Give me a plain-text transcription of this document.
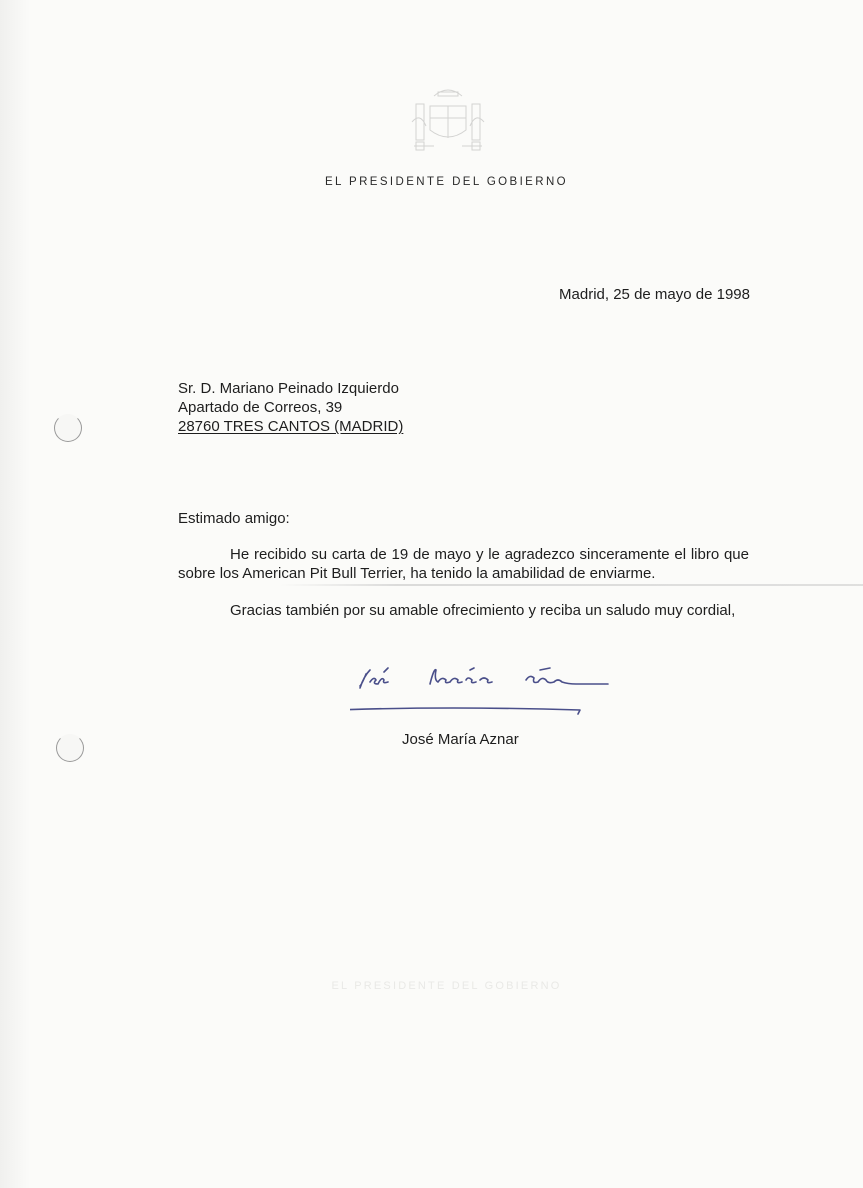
EL PRESIDENTE DEL GOBIERNO
Madrid, 25 de mayo de 1998
Sr. D. Mariano Peinado Izquierdo
Apartado de Correos, 39
28760 TRES CANTOS (MADRID)
Estimado amigo:

He recibido su carta de 19 de mayo y le agradezco sinceramente el libro que sobre los American Pit Bull Terrier, ha tenido la amabilidad de enviarme.

Gracias también por su amable ofrecimiento y reciba un saludo muy cordial,

José María Aznar
EL PRESIDENTE DEL GOBIERNO
